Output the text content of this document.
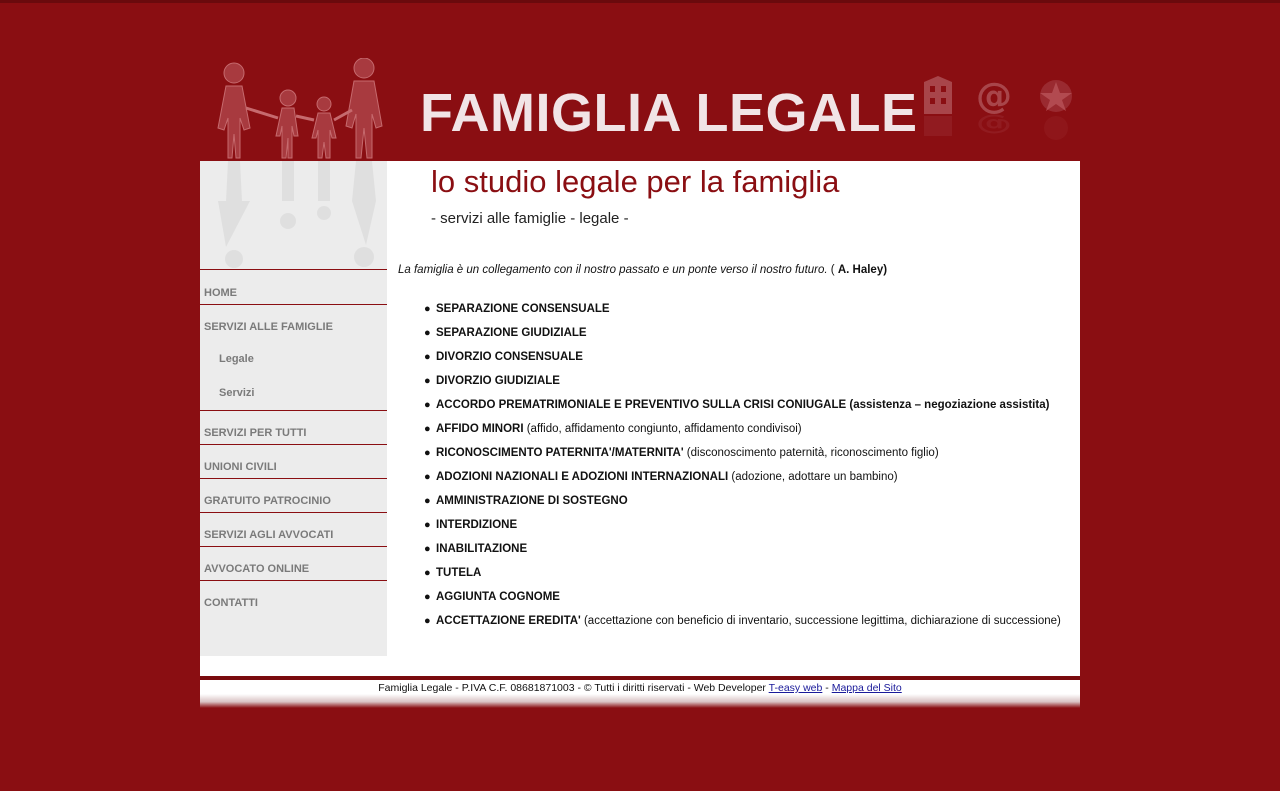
FAMIGLIA LEGALE @
@
HOME
SERVIZI ALLE FAMIGLIE
Legale
Servizi
SERVIZI PER TUTTI
UNIONI CIVILI
GRATUITO PATROCINIO
SERVIZI AGLI AVVOCATI
AVVOCATO ONLINE
CONTATTI
lo studio legale per la famiglia
- servizi alle famiglie - legale -
La famiglia è un collegamento con il nostro passato e un ponte verso il nostro futuro. ( A. Haley)
● SEPARAZIONE CONSENSUALE
● SEPARAZIONE GIUDIZIALE
● DIVORZIO CONSENSUALE
● DIVORZIO GIUDIZIALE
● ACCORDO PREMATRIMONIALE E PREVENTIVO SULLA CRISI CONIUGALE (assistenza – negoziazione assistita)
● AFFIDO MINORI (affido, affidamento congiunto, affidamento condivisoi)
● RICONOSCIMENTO PATERNITA'/MATERNITA' (disconoscimento paternità, riconoscimento figlio)
● ADOZIONI NAZIONALI E ADOZIONI INTERNAZIONALI (adozione, adottare un bambino)
● AMMINISTRAZIONE DI SOSTEGNO
● INTERDIZIONE
● INABILITAZIONE
● TUTELA
● AGGIUNTA COGNOME
● ACCETTAZIONE EREDITA' (accettazione con beneficio di inventario, successione legittima, dichiarazione di successione)
Famiglia Legale - P.IVA C.F. 08681871003 - © Tutti i diritti riservati - Web Developer T-easy web - Mappa del Sito
